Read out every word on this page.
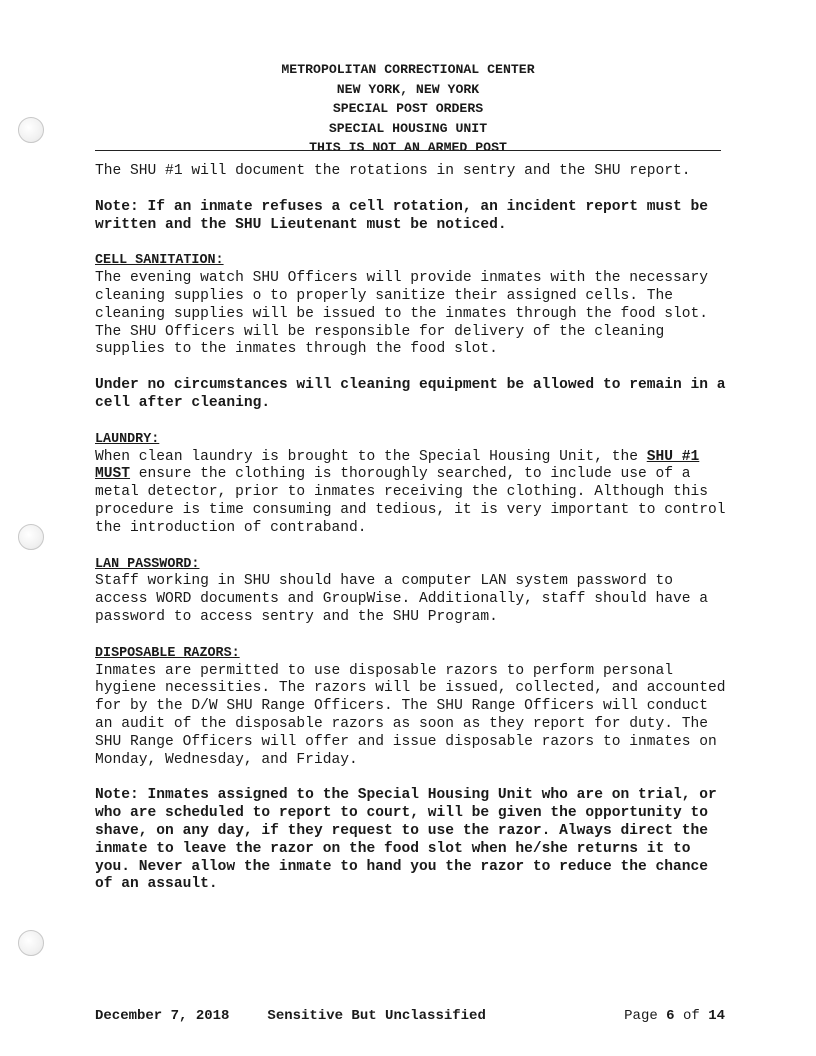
METROPOLITAN CORRECTIONAL CENTER
NEW YORK, NEW YORK
SPECIAL POST ORDERS
SPECIAL HOUSING UNIT
THIS IS NOT AN ARMED POST

The SHU #1 will document the rotations in sentry and the SHU report.

Note: If an inmate refuses a cell rotation, an incident report must be written and the SHU Lieutenant must be noticed.

CELL SANITATION:
The evening watch SHU Officers will provide inmates with the necessary cleaning supplies o to properly sanitize their assigned cells. The cleaning supplies will be issued to the inmates through the food slot. The SHU Officers will be responsible for delivery of the cleaning supplies to the inmates through the food slot.

Under no circumstances will cleaning equipment be allowed to remain in a cell after cleaning.

LAUNDRY:
When clean laundry is brought to the Special Housing Unit, the SHU #1 MUST ensure the clothing is thoroughly searched, to include use of a metal detector, prior to inmates receiving the clothing. Although this procedure is time consuming and tedious, it is very important to control the introduction of contraband.

LAN PASSWORD:
Staff working in SHU should have a computer LAN system password to access WORD documents and GroupWise. Additionally, staff should have a password to access sentry and the SHU Program.

DISPOSABLE RAZORS:
Inmates are permitted to use disposable razors to perform personal hygiene necessities. The razors will be issued, collected, and accounted for by the D/W SHU Range Officers. The SHU Range Officers will conduct an audit of the disposable razors as soon as they report for duty. The SHU Range Officers will offer and issue disposable razors to inmates on Monday, Wednesday, and Friday.

Note: Inmates assigned to the Special Housing Unit who are on trial, or who are scheduled to report to court, will be given the opportunity to shave, on any day, if they request to use the razor. Always direct the inmate to leave the razor on the food slot when he/she returns it to you. Never allow the inmate to hand you the razor to reduce the chance of an assault.

December 7, 2018	Sensitive But Unclassified	Page 6 of 14
